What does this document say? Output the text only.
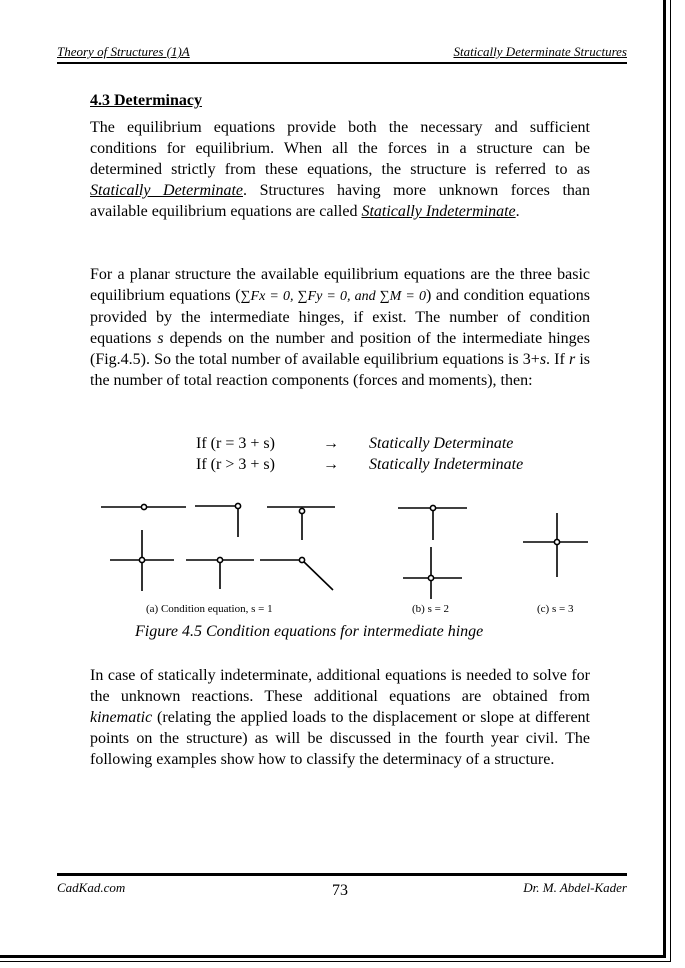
Theory of Structures (1)A	Statically Determinate Structures
4.3 Determinacy

The equilibrium equations provide both the necessary and sufficient conditions for equilibrium. When all the forces in a structure can be determined strictly from these equations, the structure is referred to as Statically Determinate. Structures having more unknown forces than available equilibrium equations are called Statically Indeterminate.

For a planar structure the available equilibrium equations are the three basic equilibrium equations (∑Fx = 0, ∑Fy = 0, and ∑M = 0) and condition equations provided by the intermediate hinges, if exist. The number of condition equations s depends on the number and position of the intermediate hinges (Fig.4.5). So the total number of available equilibrium equations is 3+s. If r is the number of total reaction components (forces and moments), then:

If (r = 3 + s)	→ Statically Determinate
If (r > 3 + s)	→ Statically Indeterminate
(a) Condition equation, s = 1	(b) s = 2	(c) s = 3
Figure 4.5 Condition equations for intermediate hinge

In case of statically indeterminate, additional equations is needed to solve for the unknown reactions. These additional equations are obtained from kinematic (relating the applied loads to the displacement or slope at different points on the structure) as will be discussed in the fourth year civil. The following examples show how to classify the determinacy of a structure.

CadKad.com	73	Dr. M. Abdel-Kader
